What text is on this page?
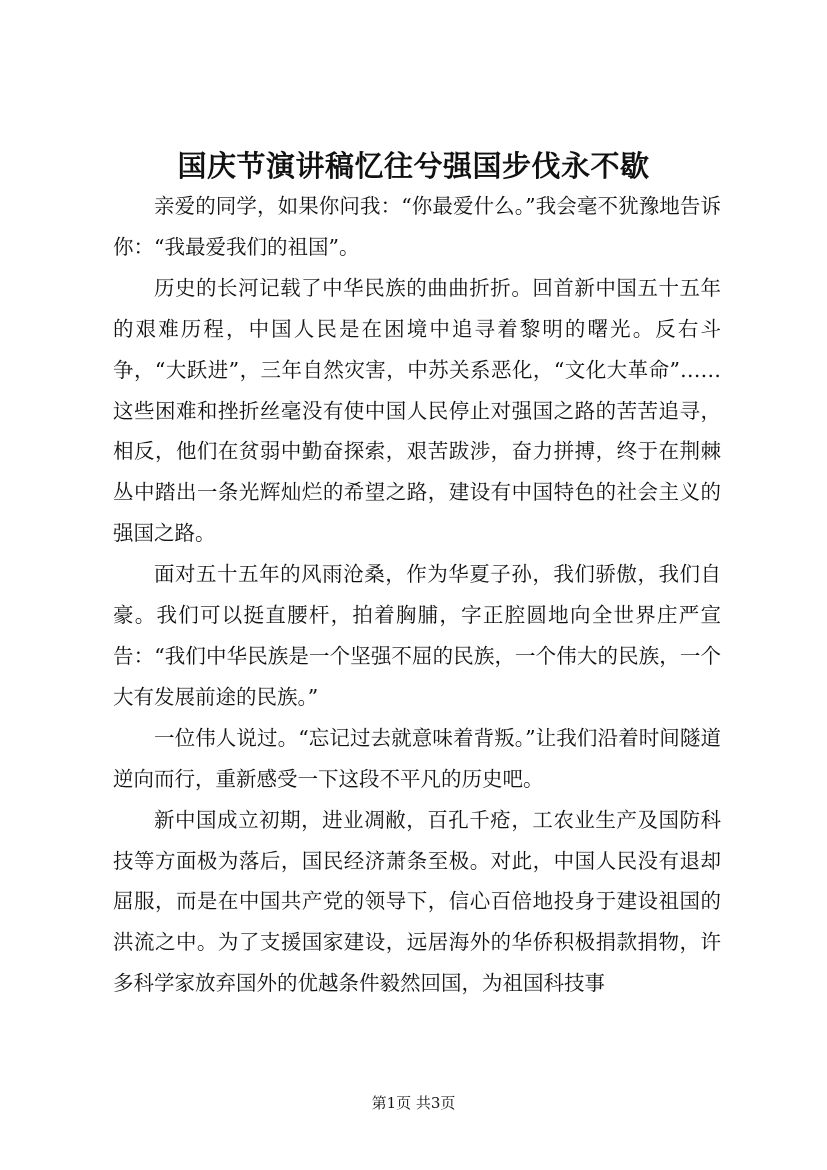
国庆节演讲稿忆往兮强国步伐永不歇

亲爱的同学，如果你问我：“你最爱什么。”我会毫不犹豫地告诉你：“我最爱我们的祖国”。

历史的长河记载了中华民族的曲曲折折。回首新中国五十五年的艰难历程，中国人民是在困境中追寻着黎明的曙光。反右斗争，“大跃进”，三年自然灾害，中苏关系恶化，“文化大革命”……这些困难和挫折丝毫没有使中国人民停止对强国之路的苦苦追寻，相反，他们在贫弱中勤奋探索，艰苦跋涉，奋力拼搏，终于在荆棘丛中踏出一条光辉灿烂的希望之路，建设有中国特色的社会主义的强国之路。

面对五十五年的风雨沧桑，作为华夏子孙，我们骄傲，我们自豪。我们可以挺直腰杆，拍着胸脯，字正腔圆地向全世界庄严宣告：“我们中华民族是一个坚强不屈的民族，一个伟大的民族，一个大有发展前途的民族。”

一位伟人说过。“忘记过去就意味着背叛。”让我们沿着时间隧道逆向而行，重新感受一下这段不平凡的历史吧。

新中国成立初期，进业凋敝，百孔千疮，工农业生产及国防科技等方面极为落后，国民经济萧条至极。对此，中国人民没有退却屈服，而是在中国共产党的领导下，信心百倍地投身于建设祖国的洪流之中。为了支援国家建设，远居海外的华侨积极捐款捐物，许多科学家放弃国外的优越条件毅然回国，为祖国科技事

第1页 共3页
